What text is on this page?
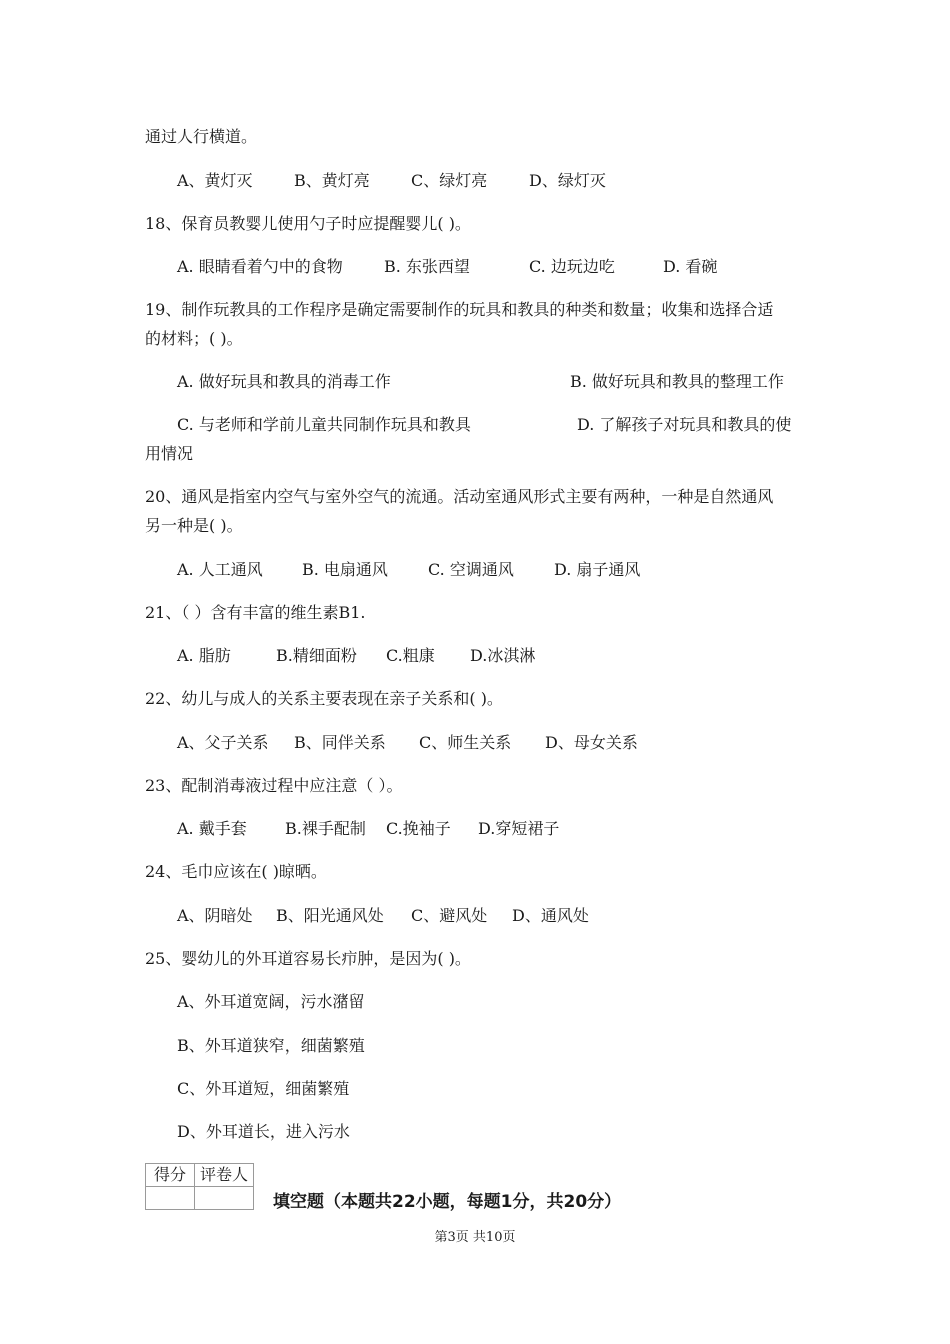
通过人行横道。
A、黄灯灭	B、黄灯亮	C、绿灯亮	D、绿灯灭
18、保育员教婴儿使用勺子时应提醒婴儿( )。
A. 眼睛看着勺中的食物	B. 东张西望	C. 边玩边吃	D. 看碗
19、制作玩教具的工作程序是确定需要制作的玩具和教具的种类和数量；收集和选择合适
的材料；( )。
A. 做好玩具和教具的消毒工作	B. 做好玩具和教具的整理工作
C. 与老师和学前儿童共同制作玩具和教具	D. 了解孩子对玩具和教具的使
用情况
20、通风是指室内空气与室外空气的流通。活动室通风形式主要有两种，一种是自然通风
另一种是( )。
A. 人工通风 B. 电扇通风	C. 空调通风	D. 扇子通风
21、（ ）含有丰富的维生素B1.
A. 脂肪	B.精细面粉 C.粗康 D.冰淇淋
22、幼儿与成人的关系主要表现在亲子关系和( )。
A、父子关系 B、同伴关系 C、师生关系 D、母女关系
23、配制消毒液过程中应注意（ ）。
A. 戴手套 B.裸手配制 C.挽袖子 D.穿短裙子
24、毛巾应该在( )晾晒。
A、阴暗处 B、阳光通风处 C、避风处 D、通风处
25、婴幼儿的外耳道容易长疖肿，是因为( )。
A、外耳道宽阔，污水潴留
B、外耳道狭窄，细菌繁殖
C、外耳道短，细菌繁殖
D、外耳道长，进入污水
得分	评卷人

填空题（本题共22小题，每题1分，共20分）
第3页 共10页
